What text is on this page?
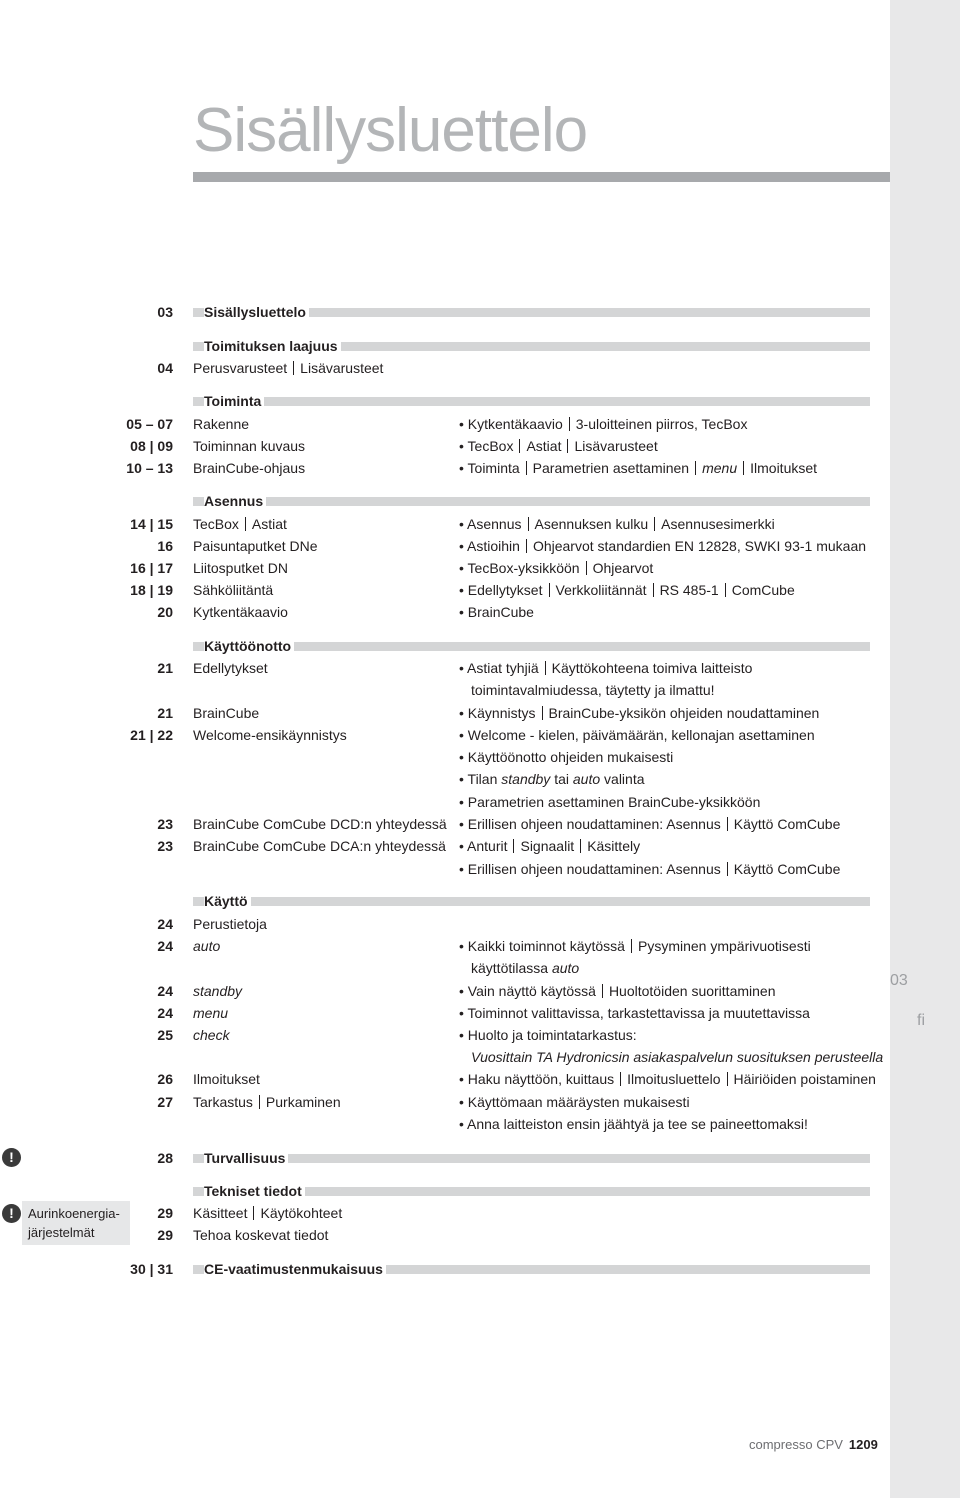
03
fi
Sisällysluettelo
03 Sisällysluettelo
Toimituksen laajuus
04 Perusvarusteet Lisävarusteet
Toiminta
05 – 07 Rakenne	• Kytkentäkaavio 3-uloitteinen piirros, TecBox
08 | 09 Toiminnan kuvaus	• TecBox Astiat Lisävarusteet
10 – 13 BrainCube-ohjaus	• Toiminta Parametrien asettaminen menu Ilmoitukset
Asennus
14 | 15 TecBox Astiat	• Asennus Asennuksen kulku Asennusesimerkki
16 Paisuntaputket DNe	• Astioihin Ohjearvot standardien EN 12828, SWKI 93-1 mukaan
16 | 17 Liitosputket DN	• TecBox-yksikköön Ohjearvot
18 | 19 Sähköliitäntä	• Edellytykset Verkkoliitännät RS 485-1 ComCube
20 Kytkentäkaavio	• BrainCube
Käyttöönotto
21 Edellytykset	• Astiat tyhjiä Käyttökohteena toimiva laitteisto
toimintavalmiudessa, täytetty ja ilmattu!
21 BrainCube	• Käynnistys BrainCube-yksikön ohjeiden noudattaminen
21 | 22 Welcome-ensikäynnistys	• Welcome - kielen, päivämäärän, kellonajan asettaminen
• Käyttöönotto ohjeiden mukaisesti
• Tilan standby tai auto valinta
• Parametrien asettaminen BrainCube-yksikköön
23 BrainCube ComCube DCD:n yhteydessä • Erillisen ohjeen noudattaminen: Asennus Käyttö ComCube
23 BrainCube ComCube DCA:n yhteydessä • Anturit Signaalit Käsittely
• Erillisen ohjeen noudattaminen: Asennus Käyttö ComCube
Käyttö
24 Perustietoja
24 auto	• Kaikki toiminnot käytössä Pysyminen ympärivuotisesti
käyttötilassa auto
24 standby	• Vain näyttö käytössä Huoltotöiden suorittaminen
24 menu	• Toiminnot valittavissa, tarkastettavissa ja muutettavissa
25 check	• Huolto ja toimintatarkastus:
Vuosittain TA Hydronicsin asiakaspalvelun suosituksen perusteella
26 Ilmoitukset	• Haku näyttöön, kuittaus Ilmoitusluettelo Häiriöiden poistaminen
27 Tarkastus Purkaminen	• Käyttömaan määräysten mukaisesti
• Anna laitteiston ensin jäähtyä ja tee se paineettomaksi!
!	28 Turvallisuus
Tekniset tiedot
!	Aurinkoenergia-
järjestelmät
29 Käsitteet Käytökohteet
29 Tehoa koskevat tiedot
30 | 31 CE-vaatimustenmukaisuus
compresso CPV 1209
